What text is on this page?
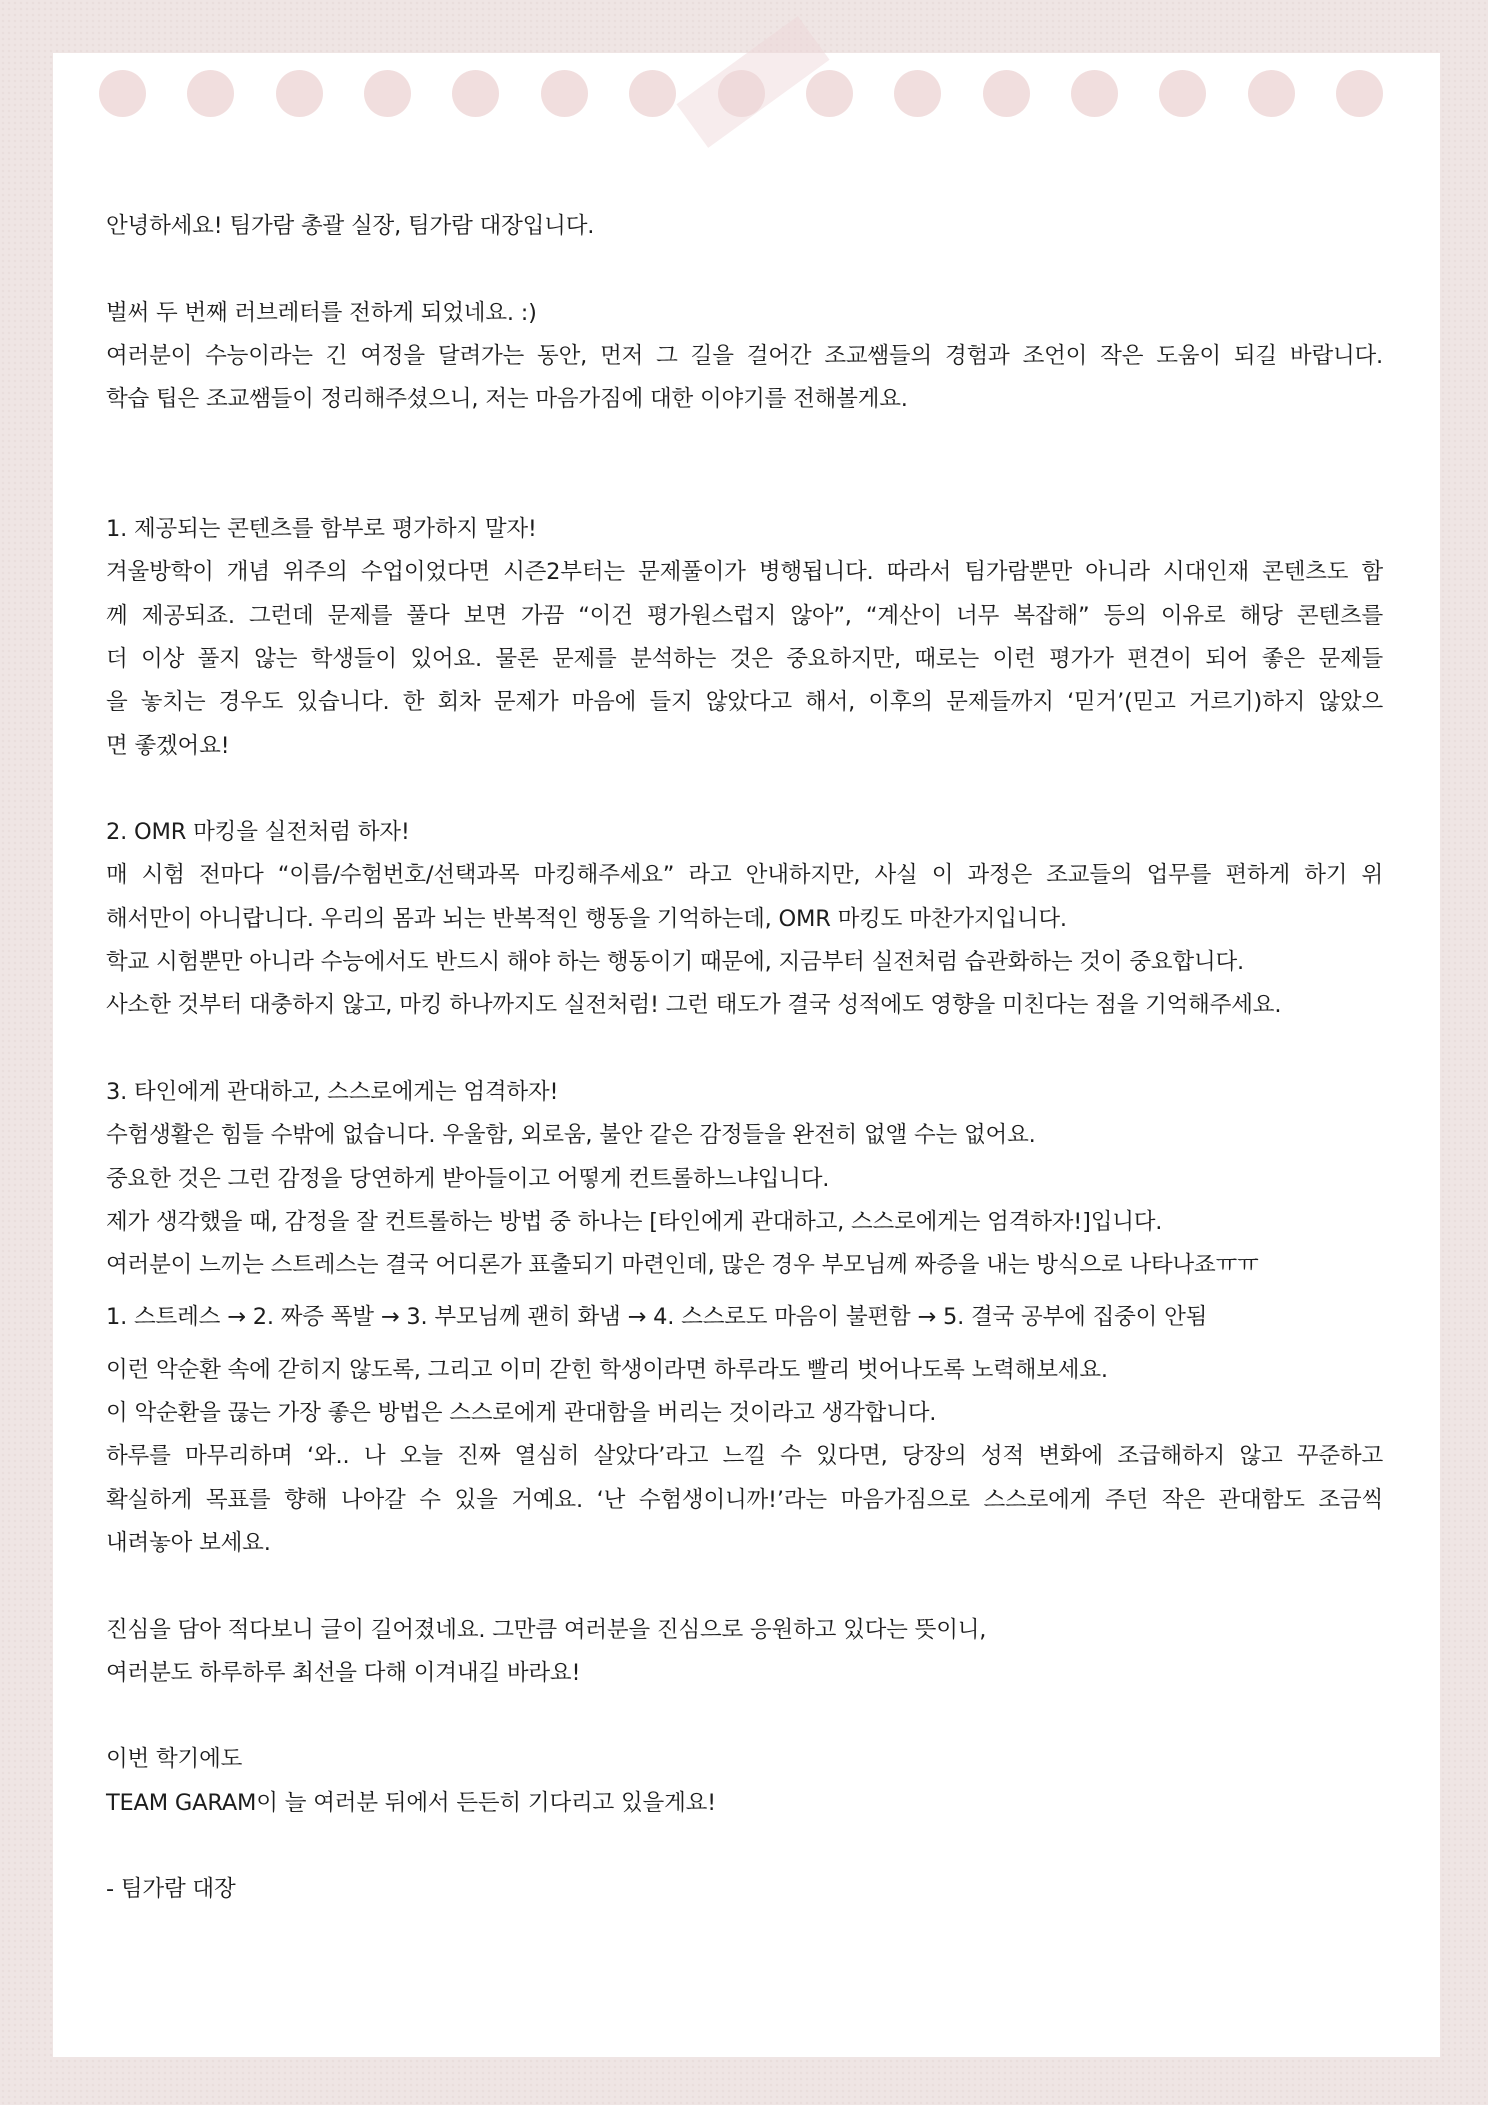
안녕하세요! 팀가람 총괄 실장, 팀가람 대장입니다.
벌써 두 번째 러브레터를 전하게 되었네요. :)
여러분이 수능이라는 긴 여정을 달려가는 동안, 먼저 그 길을 걸어간 조교쌤들의 경험과 조언이 작은 도움이 되길 바랍니다.
학습 팁은 조교쌤들이 정리해주셨으니, 저는 마음가짐에 대한 이야기를 전해볼게요.
1. 제공되는 콘텐츠를 함부로 평가하지 말자!
겨울방학이 개념 위주의 수업이었다면 시즌2부터는 문제풀이가 병행됩니다. 따라서 팀가람뿐만 아니라 시대인재 콘텐츠도 함
께 제공되죠. 그런데 문제를 풀다 보면 가끔 “이건 평가원스럽지 않아”, “계산이 너무 복잡해” 등의 이유로 해당 콘텐츠를
더 이상 풀지 않는 학생들이 있어요. 물론 문제를 분석하는 것은 중요하지만, 때로는 이런 평가가 편견이 되어 좋은 문제들
을 놓치는 경우도 있습니다. 한 회차 문제가 마음에 들지 않았다고 해서, 이후의 문제들까지 ‘믿거’(믿고 거르기)하지 않았으
면 좋겠어요!
2. OMR 마킹을 실전처럼 하자!
매 시험 전마다 “이름/수험번호/선택과목 마킹해주세요” 라고 안내하지만, 사실 이 과정은 조교들의 업무를 편하게 하기 위
해서만이 아니랍니다. 우리의 몸과 뇌는 반복적인 행동을 기억하는데, OMR 마킹도 마찬가지입니다.
학교 시험뿐만 아니라 수능에서도 반드시 해야 하는 행동이기 때문에, 지금부터 실전처럼 습관화하는 것이 중요합니다.
사소한 것부터 대충하지 않고, 마킹 하나까지도 실전처럼! 그런 태도가 결국 성적에도 영향을 미친다는 점을 기억해주세요.
3. 타인에게 관대하고, 스스로에게는 엄격하자!
수험생활은 힘들 수밖에 없습니다. 우울함, 외로움, 불안 같은 감정들을 완전히 없앨 수는 없어요.
중요한 것은 그런 감정을 당연하게 받아들이고 어떻게 컨트롤하느냐입니다.
제가 생각했을 때, 감정을 잘 컨트롤하는 방법 중 하나는 [타인에게 관대하고, 스스로에게는 엄격하자!]입니다.
여러분이 느끼는 스트레스는 결국 어디론가 표출되기 마련인데, 많은 경우 부모님께 짜증을 내는 방식으로 나타나죠ㅠㅠ
1. 스트레스 → 2. 짜증 폭발 → 3. 부모님께 괜히 화냄 → 4. 스스로도 마음이 불편함 → 5. 결국 공부에 집중이 안됨
이런 악순환 속에 갇히지 않도록, 그리고 이미 갇힌 학생이라면 하루라도 빨리 벗어나도록 노력해보세요.
이 악순환을 끊는 가장 좋은 방법은 스스로에게 관대함을 버리는 것이라고 생각합니다.
하루를 마무리하며 ‘와.. 나 오늘 진짜 열심히 살았다’라고 느낄 수 있다면, 당장의 성적 변화에 조급해하지 않고 꾸준하고
확실하게 목표를 향해 나아갈 수 있을 거예요. ‘난 수험생이니까!’라는 마음가짐으로 스스로에게 주던 작은 관대함도 조금씩
내려놓아 보세요.
진심을 담아 적다보니 글이 길어졌네요. 그만큼 여러분을 진심으로 응원하고 있다는 뜻이니,
여러분도 하루하루 최선을 다해 이겨내길 바라요!
이번 학기에도
TEAM GARAM이 늘 여러분 뒤에서 든든히 기다리고 있을게요!
- 팀가람 대장
